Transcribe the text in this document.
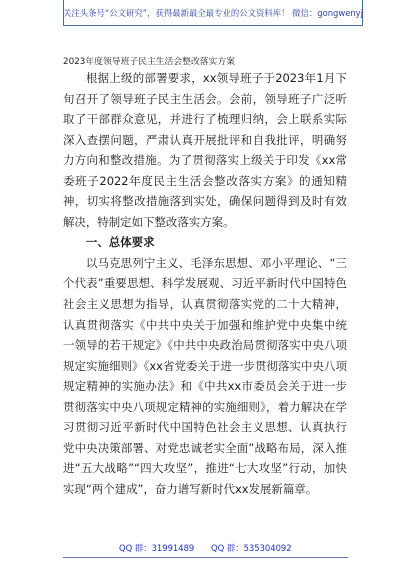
关注头条号“公文研究”，获得最新最全最专业的公文资料库！ 微信：gongwenyj
2023年度领导班子民主生活会整改落实方案

根据上级的部署要求，xx领导班子于2023年1月下旬召开了领导班子民主生活会。会前，领导班子广泛听取了干部群众意见，并进行了梳理归纳，会上联系实际深入查摆问题，严肃认真开展批评和自我批评，明确努力方向和整改措施。为了贯彻落实上级关于印发《xx常委班子2022年度民主生活会整改落实方案》的通知精神，切实将整改措施落到实处，确保问题得到及时有效解决，特制定如下整改落实方案。

一、总体要求

以马克思列宁主义、毛泽东思想、邓小平理论、“三个代表”重要思想、科学发展观、习近平新时代中国特色社会主义思想为指导，认真贯彻落实党的二十大精神，认真贯彻落实《中共中央关于加强和维护党中央集中统一领导的若干规定》《中共中央政治局贯彻落实中央八项规定实施细则》《xx省党委关于进一步贯彻落实中央八项规定精神的实施办法》和《中共xx市委员会关于进一步贯彻落实中央八项规定精神的实施细则》，着力解决在学习贯彻习近平新时代中国特色社会主义思想、认真执行党中央决策部署、对党忠诚老实全面”战略布局，深入推进“五大战略”“四大攻坚”，推进“七大攻坚”行动，加快实现“两个建成”，奋力谱写新时代xx发展新篇章。

QQ 群：31991489 QQ 群：535304092
